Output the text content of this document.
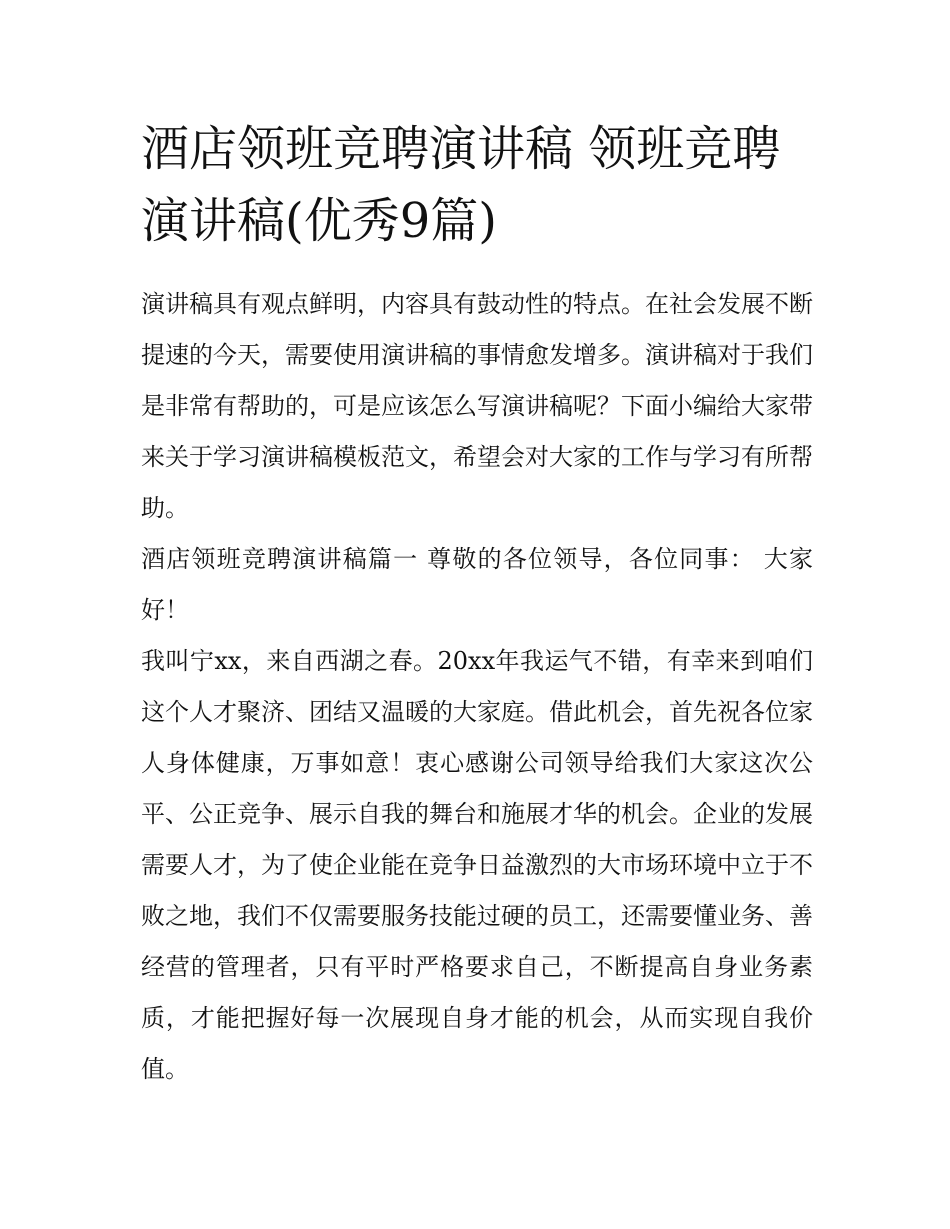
酒店领班竞聘演讲稿 领班竞聘演讲稿(优秀9篇)

演讲稿具有观点鲜明，内容具有鼓动性的特点。在社会发展不断提速的今天，需要使用演讲稿的事情愈发增多。演讲稿对于我们是非常有帮助的，可是应该怎么写演讲稿呢？下面小编给大家带来关于学习演讲稿模板范文，希望会对大家的工作与学习有所帮助。

酒店领班竞聘演讲稿篇一 尊敬的各位领导，各位同事： 大家好！

我叫宁xx，来自西湖之春。20xx年我运气不错，有幸来到咱们这个人才聚济、团结又温暖的大家庭。借此机会，首先祝各位家人身体健康，万事如意！衷心感谢公司领导给我们大家这次公平、公正竞争、展示自我的舞台和施展才华的机会。企业的发展需要人才，为了使企业能在竞争日益激烈的大市场环境中立于不败之地，我们不仅需要服务技能过硬的员工，还需要懂业务、善经营的管理者，只有平时严格要求自己，不断提高自身业务素质，才能把握好每一次展现自身才能的机会，从而实现自我价值。
